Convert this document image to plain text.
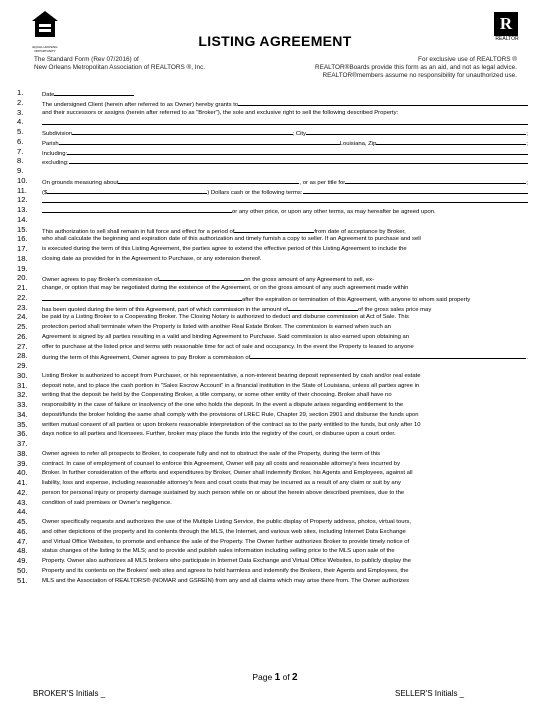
EQUAL HOUSING OPPORTUNITY
R
REALTOR
LISTING AGREEMENT
The Standard Form (Rev 07/2016) of
New Orleans Metropolitan Association of REALTORS ®, Inc.
For exclusive use of REALTORS ®
REALTOR®Boards provide this form as an aid, and not as legal advice.
REALTOR®members assume no responsibility for unauthorized use.
1.	Date
2.	The undersigned Client (herein after referred to as Owner) hereby grants to
3.	and their successors or assigns (herein after referred to as "Broker"), the sole and exclusive right to sell the following described Property:
4.
5.	Subdivision	; City	;
6.	Parish	Louisiana, Zip	;
7.	Including:
8.	excluding:
9.
10.	On grounds measuring about	, or as per title for	;
11.	($	) Dollars cash or the following terms:
12.
13.	or any other price, or upon any other terms, as may hereafter be agreed upon.
14.
15.	This authorization to sell shall remain in full force and effect for a period of	from date of acceptance by Broker,
16.	who shall calculate the beginning and expiration date of this authorization and timely furnish a copy to seller. If an Agreement to purchase and sell
17.	is executed during the term of this Listing Agreement, the parties agree to extend the effective period of this Listing Agreement to include the
18.	closing date as provided for in the Agreement to Purchase, or any extension thereof.
19.
20.	Owner agrees to pay Broker's commission of	on the gross amount of any Agreement to sell, ex-
21.	change, or option that may be negotiated during the existence of the Agreement, or on the gross amount of any such agreement made within
22.	after the expiration or termination of this Agreement, with anyone to whom said property
23.	has been quoted during the term of this Agreement, part of which commission in the amount of	of the gross sales price may
24.	be paid by a Listing Broker to a Cooperating Broker. The Closing Notary is authorized to deduct and disburse commission at Act of Sale. This
25.	protection period shall terminate when the Property is listed with another Real Estate Broker. The commission is earned when such an
26.	Agreement is signed by all parties resulting in a valid and binding Agreement to Purchase. Said commission is also earned upon obtaining an
27.	offer to purchase at the listed price and terms with reasonable time for act of sale and occupancy. In the event the Property is leased to anyone
28.	during the term of this Agreement, Owner agrees to pay Broker a commission of	.
29.
30.	Listing Broker is authorized to accept from Purchaser, or his representative, a non-interest bearing deposit represented by cash and/or real estate
31.	deposit note, and to place the cash portion in "Sales Escrow Account" in a financial institution in the State of Louisiana, unless all parties agree in
32.	writing that the deposit be held by the Cooperating Broker, a title company, or some other entity of their choosing. Broker shall have no
33.	responsibility in the case of failure or insolvency of the one who holds the deposit. In the event a dispute arises regarding entitlement to the
34.	deposit/funds the broker holding the same shall comply with the provisions of LREC Rule, Chapter 29, section 2901 and disburse the funds upon
35.	written mutual consent of all parties or upon brokers reasonable interpretation of the contract as to the party entitled to the funds, but only after 10
36.	days notice to all parties and licensees. Further, broker may place the funds into the registry of the court, or disburse upon a court order.
37.
38.	Owner agrees to refer all prospects to Broker, to cooperate fully and not to obstruct the sale of the Property, during the term of this
39.	contract. In case of employment of counsel to enforce this Agreement, Owner will pay all costs and reasonable attorney's fees incurred by
40.	Broker. In further consideration of the efforts and expenditures by Broker, Owner shall indemnify Broker, his Agents and Employees, against all
41.	liability, loss and expense, including reasonable attorney's fees and court costs that may be incurred as a result of any claim or suit by any
42.	person for personal injury or property damage sustained by such person while on or about the herein above described premises, due to the
43.	condition of said premises or Owner's negligence.
44.
45.	Owner specifically requests and authorizes the use of the Multiple Listing Service, the public display of Property address, photos, virtual tours,
46.	and other depictions of the property and its contents through the MLS, the Internet, and various web sites, including Internet Data Exchange
47.	and Virtual Office Websites, to promote and enhance the sale of the Property. The Owner further authorizes Broker to provide timely notice of
48.	status changes of the listing to the MLS; and to provide and publish sales information including selling price to the MLS upon sale of the
49.	Property. Owner also authorizes all MLS brokers who participate in Internet Data Exchange and Virtual Office Websites, to publicly display the
50.	Property and its contents on the Brokers' web sites and agrees to hold harmless and indemnify the Brokers, their Agents and Employees, the
51.	MLS and the Association of REALTORS® (NOMAR and GSREIN) from any and all claims which may arise there from. The Owner authorizes
Page 1 of 2
BROKER'S Initials _	SELLER'S Initials _
